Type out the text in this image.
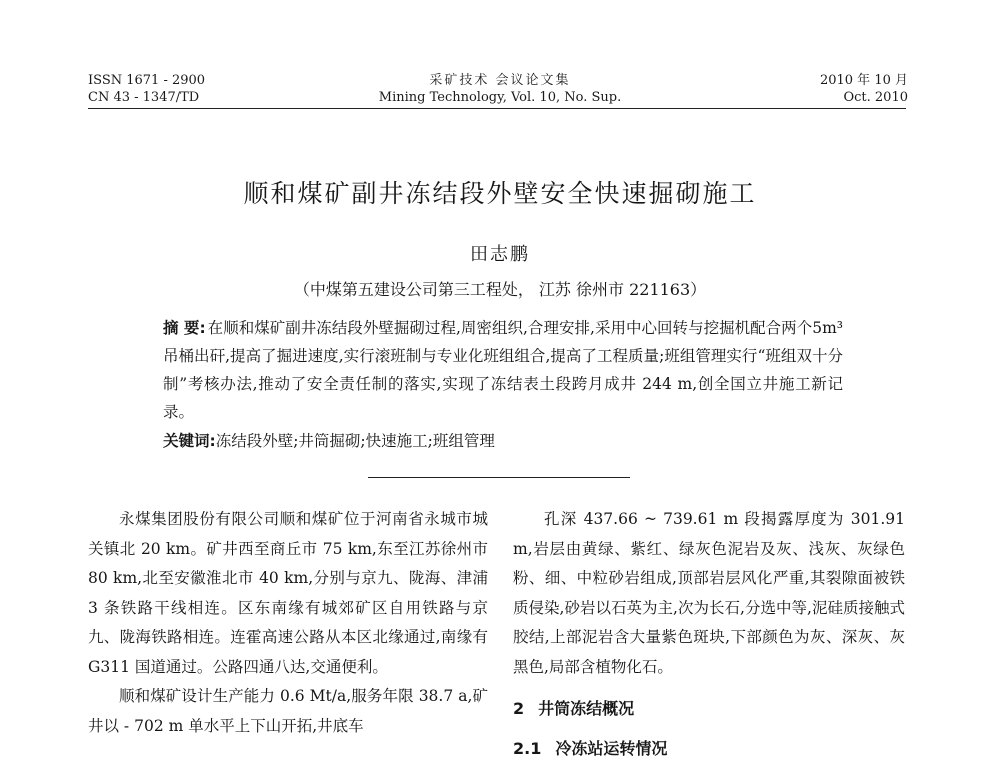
ISSN 1671 - 2900
CN 43 - 1347/TD
采矿技术 会议论文集
Mining Technology, Vol. 10, No. Sup.
2010 年 10 月
Oct. 2010
顺和煤矿副井冻结段外壁安全快速掘砌施工
田志鹏
（中煤第五建设公司第三工程处， 江苏 徐州市 221163）
摘 要: 在顺和煤矿副井冻结段外壁掘砌过程,周密组织,合理安排,采用中心回转与挖掘机配合两个5m³吊桶出矸,提高了掘进速度,实行滚班制与专业化班组组合,提高了工程质量;班组管理实行“班组双十分制”考核办法,推动了安全责任制的落实,实现了冻结表土段跨月成井 244 m,创全国立井施工新记录。
关键词:冻结段外壁;井筒掘砌;快速施工;班组管理

永煤集团股份有限公司顺和煤矿位于河南省永城市城关镇北 20 km。矿井西至商丘市 75 km,东至江苏徐州市 80 km,北至安徽淮北市 40 km,分别与京九、陇海、津浦 3 条铁路干线相连。区东南缘有城郊矿区自用铁路与京九、陇海铁路相连。连霍高速公路从本区北缘通过,南缘有 G311 国道通过。公路四通八达,交通便利。

顺和煤矿设计生产能力 0.6 Mt/a,服务年限 38.7 a,矿井以 - 702 m 单水平上下山开拓,井底车

孔深 437.66 ~ 739.61 m 段揭露厚度为 301.91 m,岩层由黄绿、紫红、绿灰色泥岩及灰、浅灰、灰绿色粉、细、中粒砂岩组成,顶部岩层风化严重,其裂隙面被铁质侵染,砂岩以石英为主,次为长石,分选中等,泥硅质接触式胶结,上部泥岩含大量紫色斑块,下部颜色为灰、深灰、灰黑色,局部含植物化石。

2 井筒冻结概况
2.1 冷冻站运转情况
